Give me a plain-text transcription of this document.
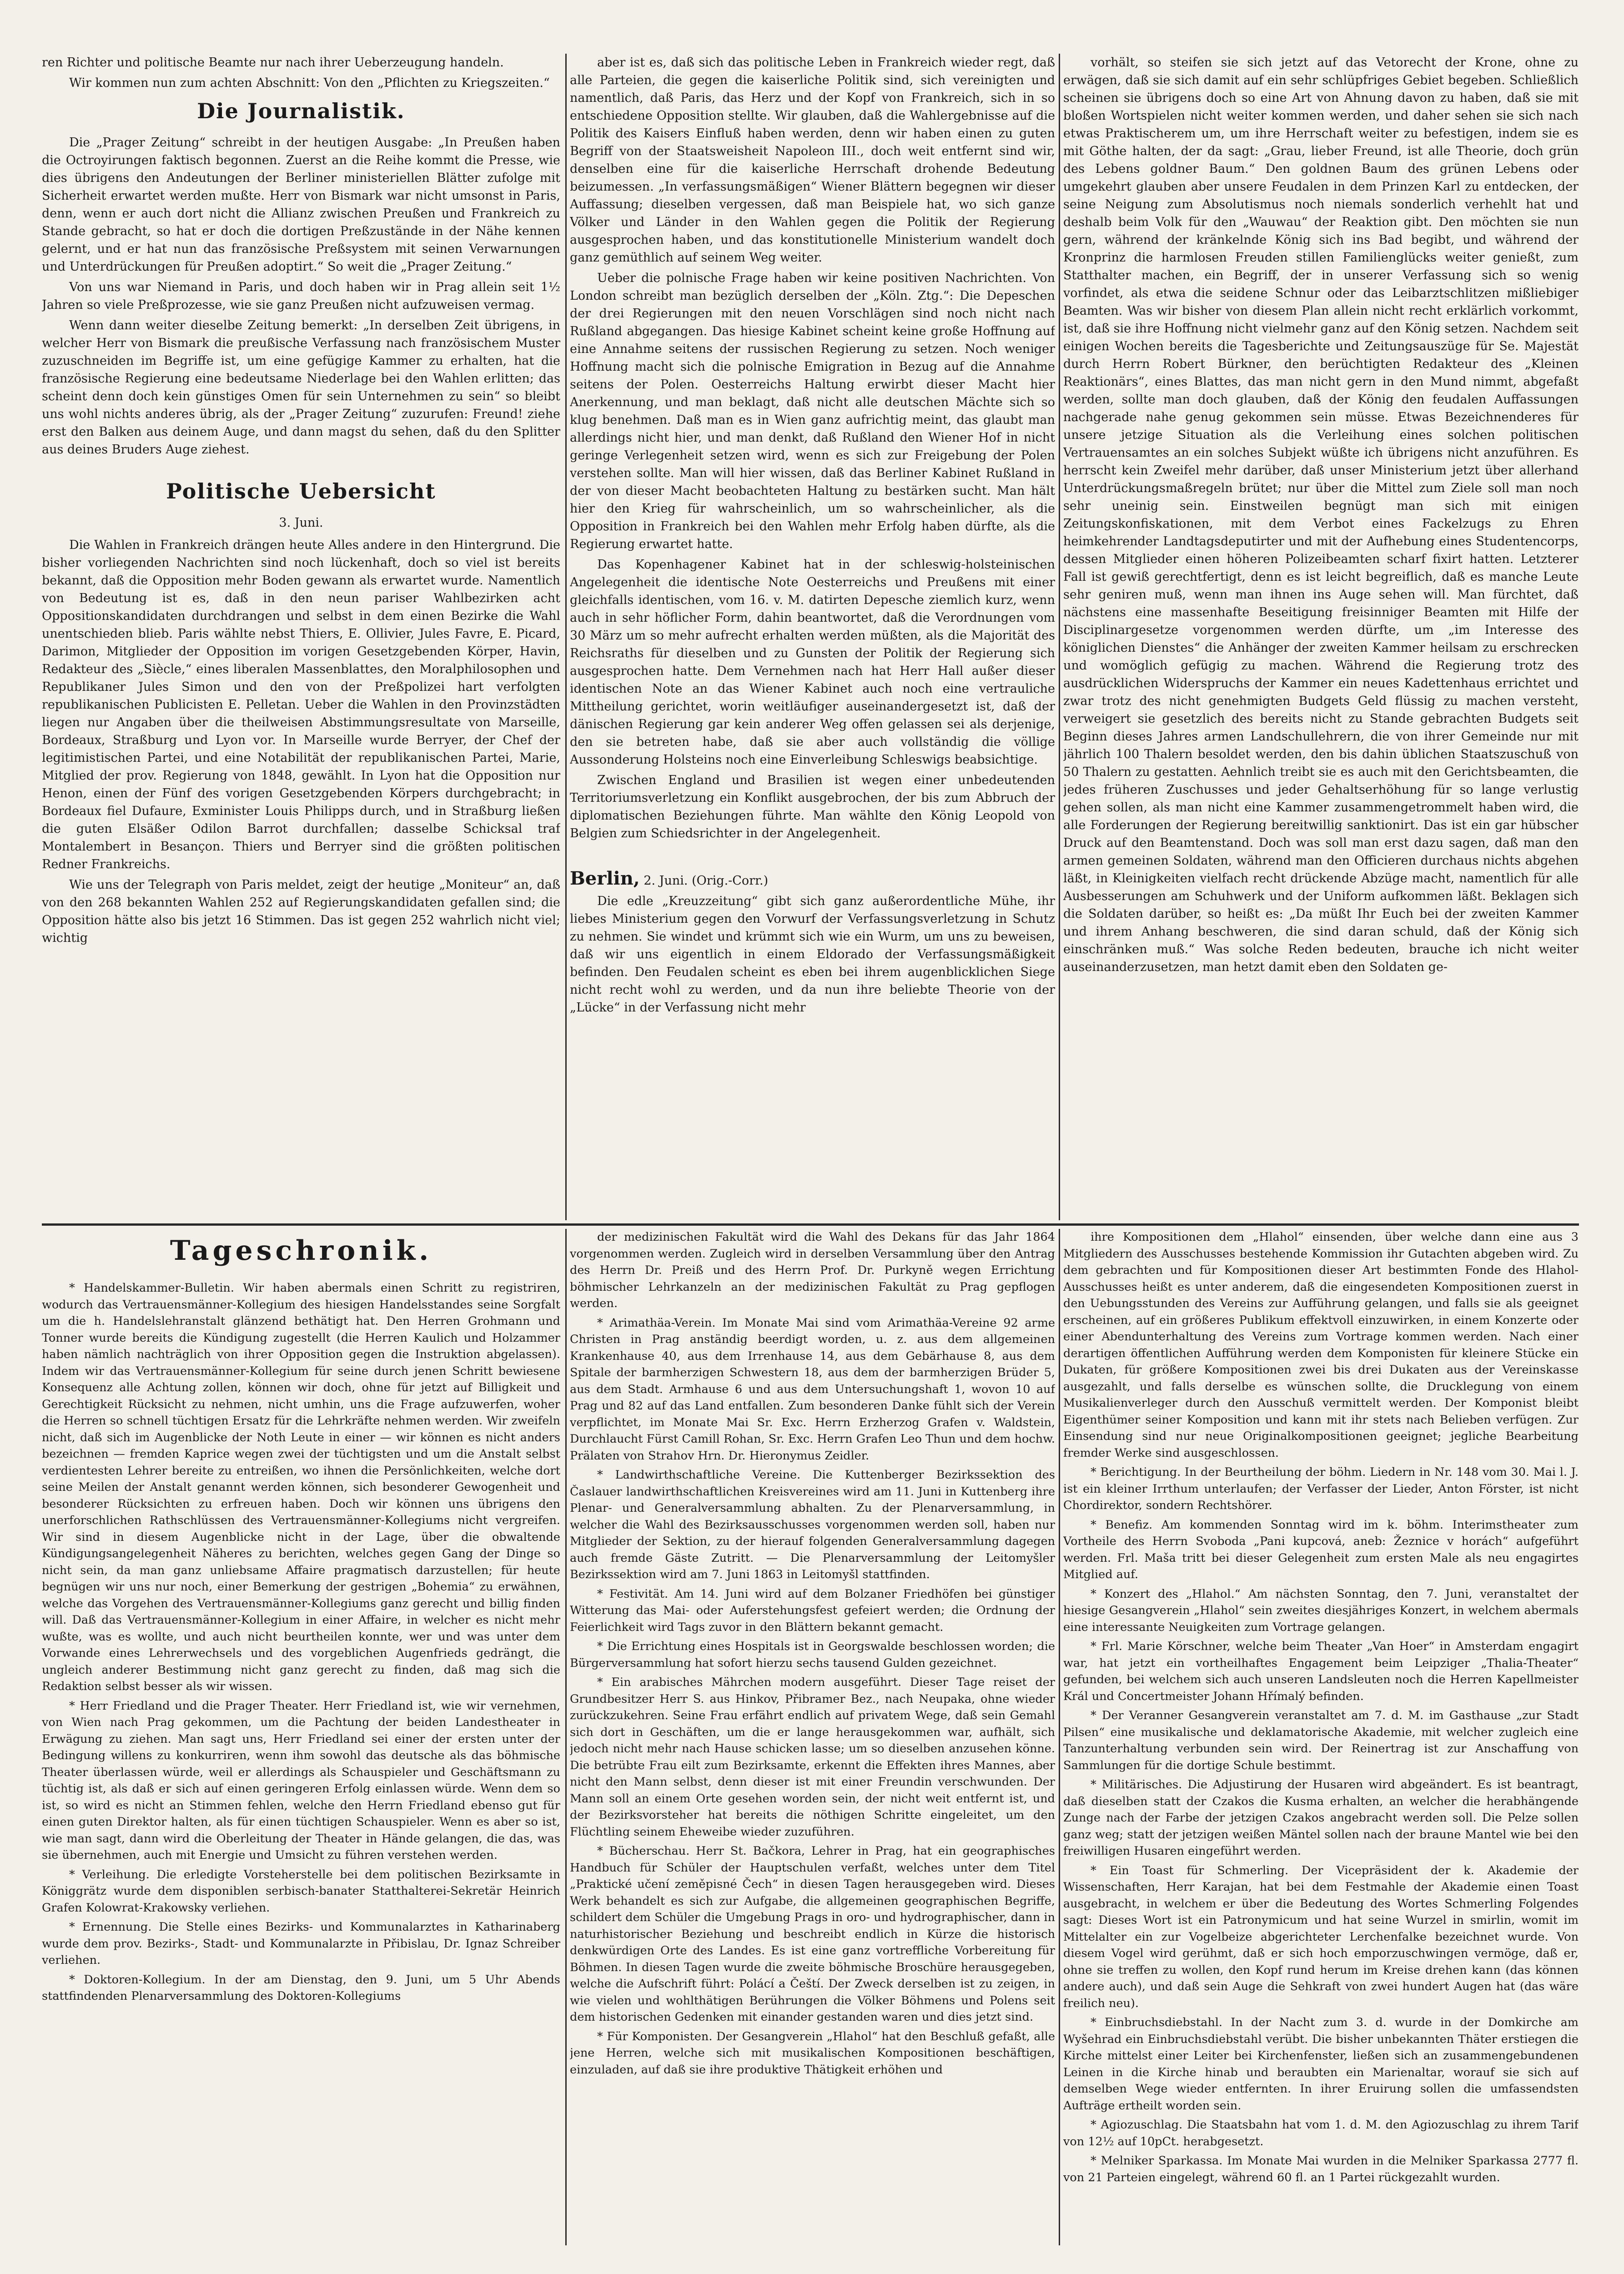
ren Richter und politische Beamte nur nach ihrer Ueberzeugung handeln.

Wir kommen nun zum achten Abschnitt: Von den „Pflichten zu Kriegszeiten.“

Die Journalistik.

Die „Prager Zeitung“ schreibt in der heutigen Ausgabe: „In Preußen haben die Octroyirungen faktisch begonnen. Zuerst an die Reihe kommt die Presse, wie dies übrigens den Andeutungen der Berliner ministeriellen Blätter zufolge mit Sicherheit erwartet werden mußte. Herr von Bismark war nicht umsonst in Paris, denn, wenn er auch dort nicht die Allianz zwischen Preußen und Frankreich zu Stande gebracht, so hat er doch die dortigen Preßzustände in der Nähe kennen gelernt, und er hat nun das französische Preßsystem mit seinen Verwarnungen und Unterdrückungen für Preußen adoptirt.“ So weit die „Prager Zeitung.“

Von uns war Niemand in Paris, und doch haben wir in Prag allein seit 1½ Jahren so viele Preßprozesse, wie sie ganz Preußen nicht aufzuweisen vermag.

Wenn dann weiter dieselbe Zeitung bemerkt: „In derselben Zeit übrigens, in welcher Herr von Bismark die preußische Verfassung nach französischem Muster zuzuschneiden im Begriffe ist, um eine gefügige Kammer zu erhalten, hat die französische Regierung eine bedeutsame Niederlage bei den Wahlen erlitten; das scheint denn doch kein günstiges Omen für sein Unternehmen zu sein“ so bleibt uns wohl nichts anderes übrig, als der „Prager Zeitung“ zuzurufen: Freund! ziehe erst den Balken aus deinem Auge, und dann magst du sehen, daß du den Splitter aus deines Bruders Auge ziehest.

Politische Uebersicht
3. Juni.

Die Wahlen in Frankreich drängen heute Alles andere in den Hintergrund. Die bisher vorliegenden Nachrichten sind noch lückenhaft, doch so viel ist bereits bekannt, daß die Opposition mehr Boden gewann als erwartet wurde. Namentlich von Bedeutung ist es, daß in den neun pariser Wahlbezirken acht Oppositionskandidaten durchdrangen und selbst in dem einen Bezirke die Wahl unentschieden blieb. Paris wählte nebst Thiers, E. Ollivier, Jules Favre, E. Picard, Darimon, Mitglieder der Opposition im vorigen Gesetzgebenden Körper, Havin, Redakteur des „Siècle,“ eines liberalen Massenblattes, den Moralphilosophen und Republikaner Jules Simon und den von der Preßpolizei hart verfolgten republikanischen Publicisten E. Pelletan. Ueber die Wahlen in den Provinzstädten liegen nur Angaben über die theilweisen Abstimmungsresultate von Marseille, Bordeaux, Straßburg und Lyon vor. In Marseille wurde Berryer, der Chef der legitimistischen Partei, und eine Notabilität der republikanischen Partei, Marie, Mitglied der prov. Regierung von 1848, gewählt. In Lyon hat die Opposition nur Henon, einen der Fünf des vorigen Gesetzgebenden Körpers durchgebracht; in Bordeaux fiel Dufaure, Exminister Louis Philipps durch, und in Straßburg ließen die guten Elsäßer Odilon Barrot durchfallen; dasselbe Schicksal traf Montalembert in Besançon. Thiers und Berryer sind die größten politischen Redner Frankreichs.

Wie uns der Telegraph von Paris meldet, zeigt der heutige „Moniteur“ an, daß von den 268 bekannten Wahlen 252 auf Regierungskandidaten gefallen sind; die Opposition hätte also bis jetzt 16 Stimmen. Das ist gegen 252 wahrlich nicht viel; wichtig

aber ist es, daß sich das politische Leben in Frankreich wieder regt, daß alle Parteien, die gegen die kaiserliche Politik sind, sich vereinigten und namentlich, daß Paris, das Herz und der Kopf von Frankreich, sich in so entschiedene Opposition stellte. Wir glauben, daß die Wahlergebnisse auf die Politik des Kaisers Einfluß haben werden, denn wir haben einen zu guten Begriff von der Staatsweisheit Napoleon III., doch weit entfernt sind wir, denselben eine für die kaiserliche Herrschaft drohende Bedeutung beizumessen. „In verfassungsmäßigen“ Wiener Blättern begegnen wir dieser Auffassung; dieselben vergessen, daß man Beispiele hat, wo sich ganze Völker und Länder in den Wahlen gegen die Politik der Regierung ausgesprochen haben, und das konstitutionelle Ministerium wandelt doch ganz gemüthlich auf seinem Weg weiter.

Ueber die polnische Frage haben wir keine positiven Nachrichten. Von London schreibt man bezüglich derselben der „Köln. Ztg.“: Die Depeschen der drei Regierungen mit den neuen Vorschlägen sind noch nicht nach Rußland abgegangen. Das hiesige Kabinet scheint keine große Hoffnung auf eine Annahme seitens der russischen Regierung zu setzen. Noch weniger Hoffnung macht sich die polnische Emigration in Bezug auf die Annahme seitens der Polen. Oesterreichs Haltung erwirbt dieser Macht hier Anerkennung, und man beklagt, daß nicht alle deutschen Mächte sich so klug benehmen. Daß man es in Wien ganz aufrichtig meint, das glaubt man allerdings nicht hier, und man denkt, daß Rußland den Wiener Hof in nicht geringe Verlegenheit setzen wird, wenn es sich zur Freigebung der Polen verstehen sollte. Man will hier wissen, daß das Berliner Kabinet Rußland in der von dieser Macht beobachteten Haltung zu bestärken sucht. Man hält hier den Krieg für wahrscheinlich, um so wahrscheinlicher, als die Opposition in Frankreich bei den Wahlen mehr Erfolg haben dürfte, als die Regierung erwartet hatte.

Das Kopenhagener Kabinet hat in der schleswig-holsteinischen Angelegenheit die identische Note Oesterreichs und Preußens mit einer gleichfalls identischen, vom 16. v. M. datirten Depesche ziemlich kurz, wenn auch in sehr höflicher Form, dahin beantwortet, daß die Verordnungen vom 30 März um so mehr aufrecht erhalten werden müßten, als die Majorität des Reichsraths für dieselben und zu Gunsten der Politik der Regierung sich ausgesprochen hatte. Dem Vernehmen nach hat Herr Hall außer dieser identischen Note an das Wiener Kabinet auch noch eine vertrauliche Mittheilung gerichtet, worin weitläufiger auseinandergesetzt ist, daß der dänischen Regierung gar kein anderer Weg offen gelassen sei als derjenige, den sie betreten habe, daß sie aber auch vollständig die völlige Aussonderung Holsteins noch eine Einverleibung Schleswigs beabsichtige.

Zwischen England und Brasilien ist wegen einer unbedeutenden Territoriumsverletzung ein Konflikt ausgebrochen, der bis zum Abbruch der diplomatischen Beziehungen führte. Man wählte den König Leopold von Belgien zum Schiedsrichter in der Angelegenheit.

Berlin, 2. Juni. (Orig.-Corr.)

Die edle „Kreuzzeitung“ gibt sich ganz außerordentliche Mühe, ihr liebes Ministerium gegen den Vorwurf der Verfassungsverletzung in Schutz zu nehmen. Sie windet und krümmt sich wie ein Wurm, um uns zu beweisen, daß wir uns eigentlich in einem Eldorado der Verfassungsmäßigkeit befinden. Den Feudalen scheint es eben bei ihrem augenblicklichen Siege nicht recht wohl zu werden, und da nun ihre beliebte Theorie von der „Lücke“ in der Verfassung nicht mehr

vorhält, so steifen sie sich jetzt auf das Vetorecht der Krone, ohne zu erwägen, daß sie sich damit auf ein sehr schlüpfriges Gebiet begeben. Schließlich scheinen sie übrigens doch so eine Art von Ahnung davon zu haben, daß sie mit bloßen Wortspielen nicht weiter kommen werden, und daher sehen sie sich nach etwas Praktischerem um, um ihre Herrschaft weiter zu befestigen, indem sie es mit Göthe halten, der da sagt: „Grau, lieber Freund, ist alle Theorie, doch grün des Lebens goldner Baum.“ Den goldnen Baum des grünen Lebens oder umgekehrt glauben aber unsere Feudalen in dem Prinzen Karl zu entdecken, der seine Neigung zum Absolutismus noch niemals sonderlich verhehlt hat und deshalb beim Volk für den „Wauwau“ der Reaktion gibt. Den möchten sie nun gern, während der kränkelnde König sich ins Bad begibt, und während der Kronprinz die harmlosen Freuden stillen Familienglücks weiter genießt, zum Statthalter machen, ein Begriff, der in unserer Verfassung sich so wenig vorfindet, als etwa die seidene Schnur oder das Leibarztschlitzen mißliebiger Beamten. Was wir bisher von diesem Plan allein nicht recht erklärlich vorkommt, ist, daß sie ihre Hoffnung nicht vielmehr ganz auf den König setzen. Nachdem seit einigen Wochen bereits die Tagesberichte und Zeitungsauszüge für Se. Majestät durch Herrn Robert Bürkner, den berüchtigten Redakteur des „Kleinen Reaktionärs“, eines Blattes, das man nicht gern in den Mund nimmt, abgefaßt werden, sollte man doch glauben, daß der König den feudalen Auffassungen nachgerade nahe genug gekommen sein müsse. Etwas Bezeichnenderes für unsere jetzige Situation als die Verleihung eines solchen politischen Vertrauensamtes an ein solches Subjekt wüßte ich übrigens nicht anzuführen. Es herrscht kein Zweifel mehr darüber, daß unser Ministerium jetzt über allerhand Unterdrückungsmaßregeln brütet; nur über die Mittel zum Ziele soll man noch sehr uneinig sein. Einstweilen begnügt man sich mit einigen Zeitungskonfiskationen, mit dem Verbot eines Fackelzugs zu Ehren heimkehrender Landtagsdeputirter und mit der Aufhebung eines Studentencorps, dessen Mitglieder einen höheren Polizeibeamten scharf fixirt hatten. Letzterer Fall ist gewiß gerechtfertigt, denn es ist leicht begreiflich, daß es manche Leute sehr geniren muß, wenn man ihnen ins Auge sehen will. Man fürchtet, daß nächstens eine massenhafte Beseitigung freisinniger Beamten mit Hilfe der Disciplinargesetze vorgenommen werden dürfte, um „im Interesse des königlichen Dienstes“ die Anhänger der zweiten Kammer heilsam zu erschrecken und womöglich gefügig zu machen. Während die Regierung trotz des ausdrücklichen Widerspruchs der Kammer ein neues Kadettenhaus errichtet und zwar trotz des nicht genehmigten Budgets Geld flüssig zu machen versteht, verweigert sie gesetzlich des bereits nicht zu Stande gebrachten Budgets seit Beginn dieses Jahres armen Landschullehrern, die von ihrer Gemeinde nur mit jährlich 100 Thalern besoldet werden, den bis dahin üblichen Staatszuschuß von 50 Thalern zu gestatten. Aehnlich treibt sie es auch mit den Gerichtsbeamten, die jedes früheren Zuschusses und jeder Gehaltserhöhung für so lange verlustig gehen sollen, als man nicht eine Kammer zusammengetrommelt haben wird, die alle Forderungen der Regierung bereitwillig sanktionirt. Das ist ein gar hübscher Druck auf den Beamtenstand. Doch was soll man erst dazu sagen, daß man den armen gemeinen Soldaten, während man den Officieren durchaus nichts abgehen läßt, in Kleinigkeiten vielfach recht drückende Abzüge macht, namentlich für alle Ausbesserungen am Schuhwerk und der Uniform aufkommen läßt. Beklagen sich die Soldaten darüber, so heißt es: „Da müßt Ihr Euch bei der zweiten Kammer und ihrem Anhang beschweren, die sind daran schuld, daß der König sich einschränken muß.“ Was solche Reden bedeuten, brauche ich nicht weiter auseinanderzusetzen, man hetzt damit eben den Soldaten ge-

Tageschronik.

* Handelskammer-Bulletin. Wir haben abermals einen Schritt zu registriren, wodurch das Vertrauensmänner-Kollegium des hiesigen Handelsstandes seine Sorgfalt um die h. Handelslehranstalt glänzend bethätigt hat. Den Herren Grohmann und Tonner wurde bereits die Kündigung zugestellt (die Herren Kaulich und Holzammer haben nämlich nachträglich von ihrer Opposition gegen die Instruktion abgelassen). Indem wir das Vertrauensmänner-Kollegium für seine durch jenen Schritt bewiesene Konsequenz alle Achtung zollen, können wir doch, ohne für jetzt auf Billigkeit und Gerechtigkeit Rücksicht zu nehmen, nicht umhin, uns die Frage aufzuwerfen, woher die Herren so schnell tüchtigen Ersatz für die Lehrkräfte nehmen werden. Wir zweifeln nicht, daß sich im Augenblicke der Noth Leute in einer — wir können es nicht anders bezeichnen — fremden Kaprice wegen zwei der tüchtigsten und um die Anstalt selbst verdientesten Lehrer bereite zu entreißen, wo ihnen die Persönlichkeiten, welche dort seine Meilen der Anstalt genannt werden können, sich besonderer Gewogenheit und besonderer Rücksichten zu erfreuen haben. Doch wir können uns übrigens den unerforschlichen Rathschlüssen des Vertrauensmänner-Kollegiums nicht vergreifen. Wir sind in diesem Augenblicke nicht in der Lage, über die obwaltende Kündigungsangelegenheit Näheres zu berichten, welches gegen Gang der Dinge so nicht sein, da man ganz unliebsame Affaire pragmatisch darzustellen; für heute begnügen wir uns nur noch, einer Bemerkung der gestrigen „Bohemia“ zu erwähnen, welche das Vorgehen des Vertrauensmänner-Kollegiums ganz gerecht und billig finden will. Daß das Vertrauensmänner-Kollegium in einer Affaire, in welcher es nicht mehr wußte, was es wollte, und auch nicht beurtheilen konnte, wer und was unter dem Vorwande eines Lehrerwechsels und des vorgeblichen Augenfrieds gedrängt, die ungleich anderer Bestimmung nicht ganz gerecht zu finden, daß mag sich die Redaktion selbst besser als wir wissen.

* Herr Friedland und die Prager Theater. Herr Friedland ist, wie wir vernehmen, von Wien nach Prag gekommen, um die Pachtung der beiden Landestheater in Erwägung zu ziehen. Man sagt uns, Herr Friedland sei einer der ersten unter der Bedingung willens zu konkurriren, wenn ihm sowohl das deutsche als das böhmische Theater überlassen würde, weil er allerdings als Schauspieler und Geschäftsmann zu tüchtig ist, als daß er sich auf einen geringeren Erfolg einlassen würde. Wenn dem so ist, so wird es nicht an Stimmen fehlen, welche den Herrn Friedland ebenso gut für einen guten Direktor halten, als für einen tüchtigen Schauspieler. Wenn es aber so ist, wie man sagt, dann wird die Oberleitung der Theater in Hände gelangen, die das, was sie übernehmen, auch mit Energie und Umsicht zu führen verstehen werden.

* Verleihung. Die erledigte Vorsteherstelle bei dem politischen Bezirksamte in Königgrätz wurde dem disponiblen serbisch-banater Statthalterei-Sekretär Heinrich Grafen Kolowrat-Krakowsky verliehen.

* Ernennung. Die Stelle eines Bezirks- und Kommunalarztes in Katharinaberg wurde dem prov. Bezirks-, Stadt- und Kommunalarzte in Přibislau, Dr. Ignaz Schreiber verliehen.

* Doktoren-Kollegium. In der am Dienstag, den 9. Juni, um 5 Uhr Abends stattfindenden Plenarversammlung des Doktoren-Kollegiums

der medizinischen Fakultät wird die Wahl des Dekans für das Jahr 1864 vorgenommen werden. Zugleich wird in derselben Versammlung über den Antrag des Herrn Dr. Preiß und des Herrn Prof. Dr. Purkyně wegen Errichtung böhmischer Lehrkanzeln an der medizinischen Fakultät zu Prag gepflogen werden.

* Arimathäa-Verein. Im Monate Mai sind vom Arimathäa-Vereine 92 arme Christen in Prag anständig beerdigt worden, u. z. aus dem allgemeinen Krankenhause 40, aus dem Irrenhause 14, aus dem Gebärhause 8, aus dem Spitale der barmherzigen Schwestern 18, aus dem der barmherzigen Brüder 5, aus dem Stadt. Armhause 6 und aus dem Untersuchungshaft 1, wovon 10 auf Prag und 82 auf das Land entfallen. Zum besonderen Danke fühlt sich der Verein verpflichtet, im Monate Mai Sr. Exc. Herrn Erzherzog Grafen v. Waldstein, Durchlaucht Fürst Camill Rohan, Sr. Exc. Herrn Grafen Leo Thun und dem hochw. Prälaten von Strahov Hrn. Dr. Hieronymus Zeidler.

* Landwirthschaftliche Vereine. Die Kuttenberger Bezirkssektion des Časlauer landwirthschaftlichen Kreisvereines wird am 11. Juni in Kuttenberg ihre Plenar- und Generalversammlung abhalten. Zu der Plenarversammlung, in welcher die Wahl des Bezirksausschusses vorgenommen werden soll, haben nur Mitglieder der Sektion, zu der hierauf folgenden Generalversammlung dagegen auch fremde Gäste Zutritt. — Die Plenarversammlung der Leitomyšler Bezirkssektion wird am 7. Juni 1863 in Leitomyšl stattfinden.

* Festivität. Am 14. Juni wird auf dem Bolzaner Friedhöfen bei günstiger Witterung das Mai- oder Auferstehungsfest gefeiert werden; die Ordnung der Feierlichkeit wird Tags zuvor in den Blättern bekannt gemacht.

* Die Errichtung eines Hospitals ist in Georgswalde beschlossen worden; die Bürgerversammlung hat sofort hierzu sechs tausend Gulden gezeichnet.

* Ein arabisches Mährchen modern ausgeführt. Dieser Tage reiset der Grundbesitzer Herr S. aus Hinkov, Přibramer Bez., nach Neupaka, ohne wieder zurückzukehren. Seine Frau erfährt endlich auf privatem Wege, daß sein Gemahl sich dort in Geschäften, um die er lange herausgekommen war, aufhält, sich jedoch nicht mehr nach Hause schicken lasse; um so dieselben anzusehen könne. Die betrübte Frau eilt zum Bezirksamte, erkennt die Effekten ihres Mannes, aber nicht den Mann selbst, denn dieser ist mit einer Freundin verschwunden. Der Mann soll an einem Orte gesehen worden sein, der nicht weit entfernt ist, und der Bezirksvorsteher hat bereits die nöthigen Schritte eingeleitet, um den Flüchtling seinem Eheweibe wieder zuzuführen.

* Bücherschau. Herr St. Bačkora, Lehrer in Prag, hat ein geographisches Handbuch für Schüler der Hauptschulen verfaßt, welches unter dem Titel „Praktické učení zeměpisné Čech“ in diesen Tagen herausgegeben wird. Dieses Werk behandelt es sich zur Aufgabe, die allgemeinen geographischen Begriffe, schildert dem Schüler die Umgebung Prags in oro- und hydrographischer, dann in naturhistorischer Beziehung und beschreibt endlich in Kürze die historisch denkwürdigen Orte des Landes. Es ist eine ganz vortreffliche Vorbereitung für Böhmen. In diesen Tagen wurde die zweite böhmische Broschüre herausgegeben, welche die Aufschrift führt: Polácí a Čeští. Der Zweck derselben ist zu zeigen, in wie vielen und wohlthätigen Berührungen die Völker Böhmens und Polens seit dem historischen Gedenken mit einander gestanden waren und dies jetzt sind.

* Für Komponisten. Der Gesangverein „Hlahol“ hat den Beschluß gefaßt, alle jene Herren, welche sich mit musikalischen Kompositionen beschäftigen, einzuladen, auf daß sie ihre produktive Thätigkeit erhöhen und

ihre Kompositionen dem „Hlahol“ einsenden, über welche dann eine aus 3 Mitgliedern des Ausschusses bestehende Kommission ihr Gutachten abgeben wird. Zu dem gebrachten und für Kompositionen dieser Art bestimmten Fonde des Hlahol-Ausschusses heißt es unter anderem, daß die eingesendeten Kompositionen zuerst in den Uebungsstunden des Vereins zur Aufführung gelangen, und falls sie als geeignet erscheinen, auf ein größeres Publikum effektvoll einzuwirken, in einem Konzerte oder einer Abendunterhaltung des Vereins zum Vortrage kommen werden. Nach einer derartigen öffentlichen Aufführung werden dem Komponisten für kleinere Stücke ein Dukaten, für größere Kompositionen zwei bis drei Dukaten aus der Vereinskasse ausgezahlt, und falls derselbe es wünschen sollte, die Drucklegung von einem Musikalienverleger durch den Ausschuß vermittelt werden. Der Komponist bleibt Eigenthümer seiner Komposition und kann mit ihr stets nach Belieben verfügen. Zur Einsendung sind nur neue Originalkompositionen geeignet; jegliche Bearbeitung fremder Werke sind ausgeschlossen.

* Berichtigung. In der Beurtheilung der böhm. Liedern in Nr. 148 vom 30. Mai l. J. ist ein kleiner Irrthum unterlaufen; der Verfasser der Lieder, Anton Förster, ist nicht Chordirektor, sondern Rechtshörer.

* Benefiz. Am kommenden Sonntag wird im k. böhm. Interimstheater zum Vortheile des Herrn Svoboda „Pani kupcová, aneb: Žeznice v horách“ aufgeführt werden. Frl. Maša tritt bei dieser Gelegenheit zum ersten Male als neu engagirtes Mitglied auf.

* Konzert des „Hlahol.“ Am nächsten Sonntag, den 7. Juni, veranstaltet der hiesige Gesangverein „Hlahol“ sein zweites diesjähriges Konzert, in welchem abermals eine interessante Neuigkeiten zum Vortrage gelangen.

* Frl. Marie Körschner, welche beim Theater „Van Hoer“ in Amsterdam engagirt war, hat jetzt ein vortheilhaftes Engagement beim Leipziger „Thalia-Theater“ gefunden, bei welchem sich auch unseren Landsleuten noch die Herren Kapellmeister Král und Concertmeister Johann Hřímalý befinden.

* Der Veranner Gesangverein veranstaltet am 7. d. M. im Gasthause „zur Stadt Pilsen“ eine musikalische und deklamatorische Akademie, mit welcher zugleich eine Tanzunterhaltung verbunden sein wird. Der Reinertrag ist zur Anschaffung von Sammlungen für die dortige Schule bestimmt.

* Militärisches. Die Adjustirung der Husaren wird abgeändert. Es ist beantragt, daß dieselben statt der Czakos die Kusma erhalten, an welcher die herabhängende Zunge nach der Farbe der jetzigen Czakos angebracht werden soll. Die Pelze sollen ganz weg; statt der jetzigen weißen Mäntel sollen nach der braune Mantel wie bei den freiwilligen Husaren eingeführt werden.

* Ein Toast für Schmerling. Der Vicepräsident der k. Akademie der Wissenschaften, Herr Karajan, hat bei dem Festmahle der Akademie einen Toast ausgebracht, in welchem er über die Bedeutung des Wortes Schmerling Folgendes sagt: Dieses Wort ist ein Patronymicum und hat seine Wurzel in smirlin, womit im Mittelalter ein zur Vogelbeize abgerichteter Lerchenfalke bezeichnet wurde. Von diesem Vogel wird gerühmt, daß er sich hoch emporzuschwingen vermöge, daß er, ohne sie treffen zu wollen, den Kopf rund herum im Kreise drehen kann (das können andere auch), und daß sein Auge die Sehkraft von zwei hundert Augen hat (das wäre freilich neu).

* Einbruchsdiebstahl. In der Nacht zum 3. d. wurde in der Domkirche am Wyšehrad ein Einbruchsdiebstahl verübt. Die bisher unbekannten Thäter erstiegen die Kirche mittelst einer Leiter bei Kirchenfenster, ließen sich an zusammengebundenen Leinen in die Kirche hinab und beraubten ein Marienaltar, worauf sie sich auf demselben Wege wieder entfernten. In ihrer Eruirung sollen die umfassendsten Aufträge ertheilt worden sein.

* Agiozuschlag. Die Staatsbahn hat vom 1. d. M. den Agiozuschlag zu ihrem Tarif von 12½ auf 10pCt. herabgesetzt.

* Melniker Sparkassa. Im Monate Mai wurden in die Melniker Sparkassa 2777 fl. von 21 Parteien eingelegt, während 60 fl. an 1 Partei rückgezahlt wurden.
